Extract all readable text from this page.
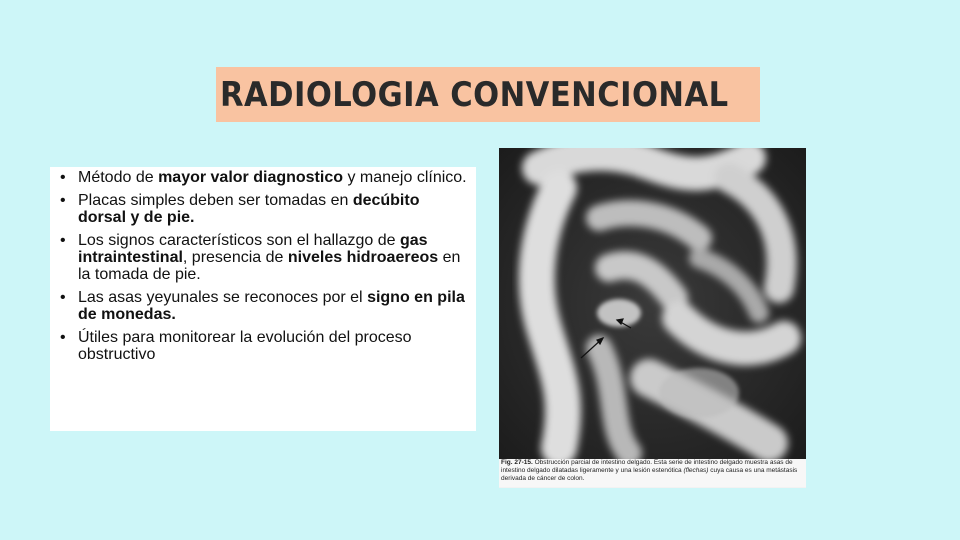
RADIOLOGIA CONVENCIONAL
• Método de mayor valor diagnostico y manejo clínico.
• Placas simples deben ser tomadas en decúbito dorsal y de pie.
• Los signos característicos son el hallazgo de gas intraintestinal, presencia de niveles hidroaereos en la tomada de pie.
• Las asas yeyunales se reconoces por el signo en pila de monedas.
• Útiles para monitorear la evolución del proceso obstructivo
Fig. 27-15. Obstrucción parcial de intestino delgado. Esta serie de intestino delgado muestra asas de intestino delgado dilatadas ligeramente y una lesión estenótica (flechas) cuya causa es una metástasis derivada de cáncer de colon.
